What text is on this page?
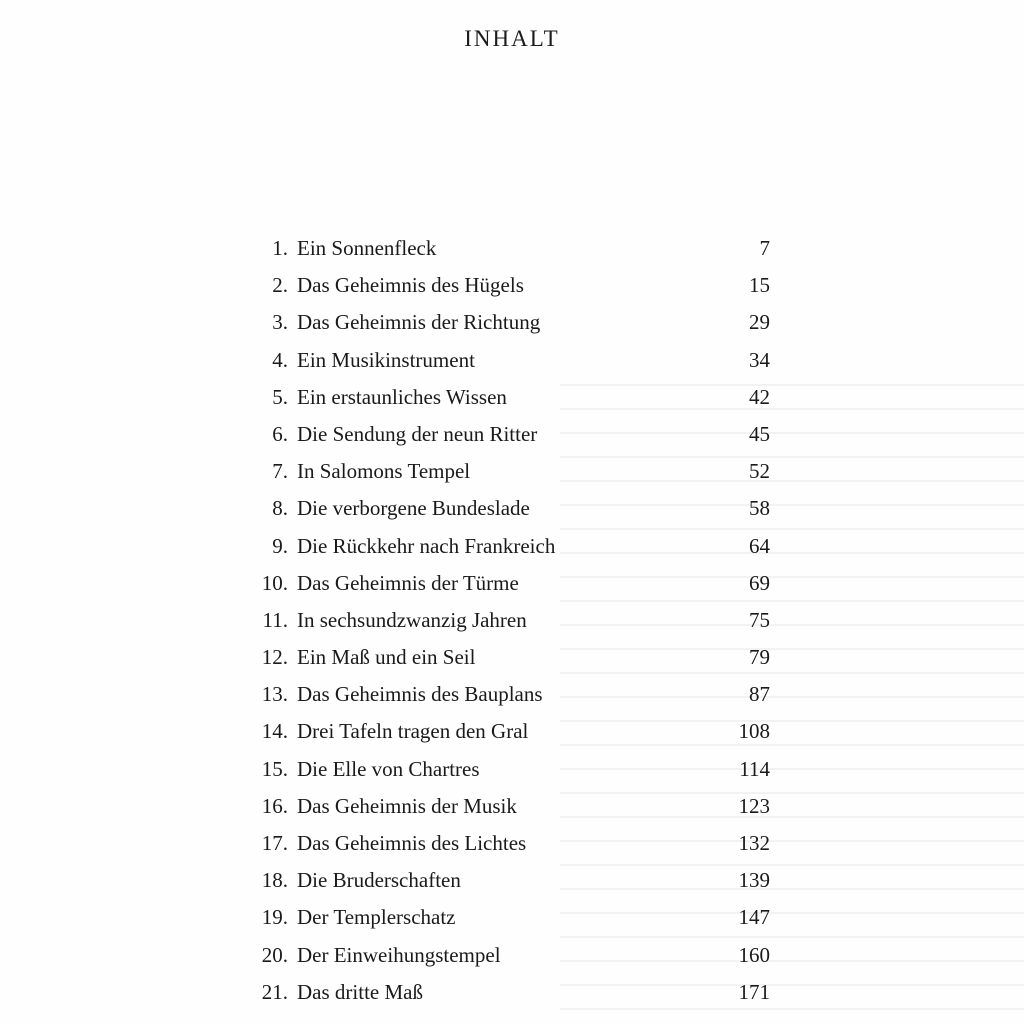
INHALT
1. Ein Sonnenfleck	7
2. Das Geheimnis des Hügels	15
3. Das Geheimnis der Richtung	29
4. Ein Musikinstrument	34
5. Ein erstaunliches Wissen	42
6. Die Sendung der neun Ritter	45
7. In Salomons Tempel	52
8. Die verborgene Bundeslade	58
9. Die Rückkehr nach Frankreich	64
10. Das Geheimnis der Türme	69
11. In sechsundzwanzig Jahren	75
12. Ein Maß und ein Seil	79
13. Das Geheimnis des Bauplans	87
14. Drei Tafeln tragen den Gral	108
15. Die Elle von Chartres	114
16. Das Geheimnis der Musik	123
17. Das Geheimnis des Lichtes	132
18. Die Bruderschaften	139
19. Der Templerschatz	147
20. Der Einweihungstempel	160
21. Das dritte Maß	171
